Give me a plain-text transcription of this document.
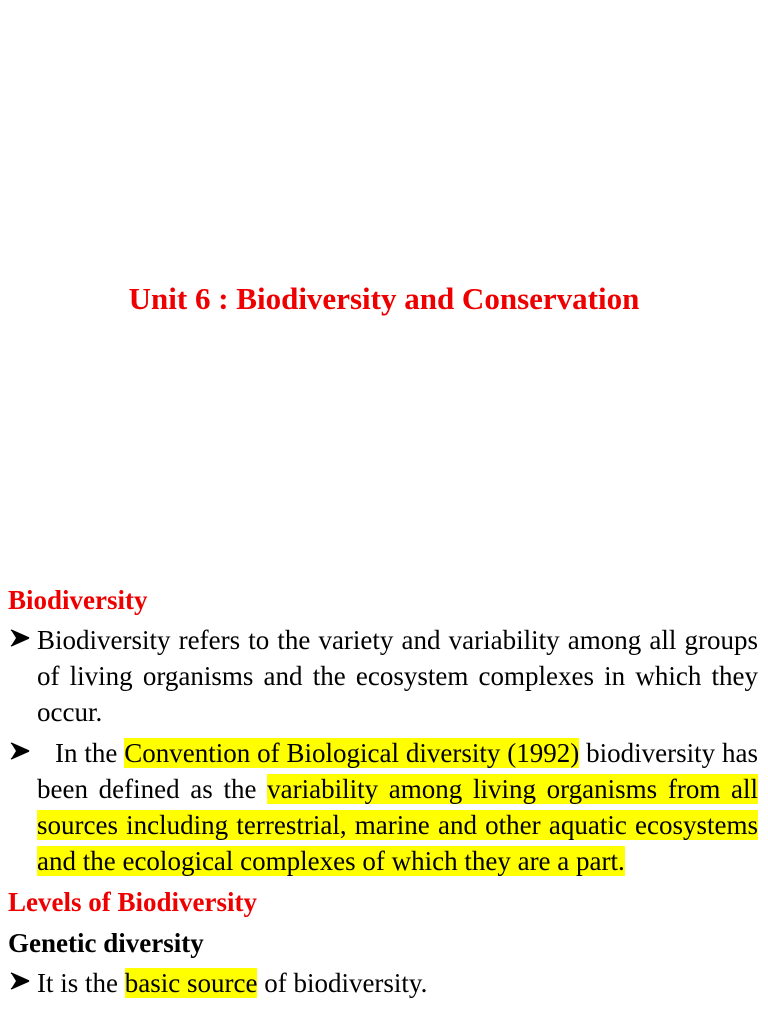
Unit 6 : Biodiversity and Conservation

Biodiversity

Biodiversity refers to the variety and variability among all groups of living organisms and the ecosystem complexes in which they occur.

In the Convention of Biological diversity (1992) biodiversity has been defined as the variability among living organisms from all sources including terrestrial, marine and other aquatic ecosystems and the ecological complexes of which they are a part.

Levels of Biodiversity

Genetic diversity

It is the basic source of biodiversity.
